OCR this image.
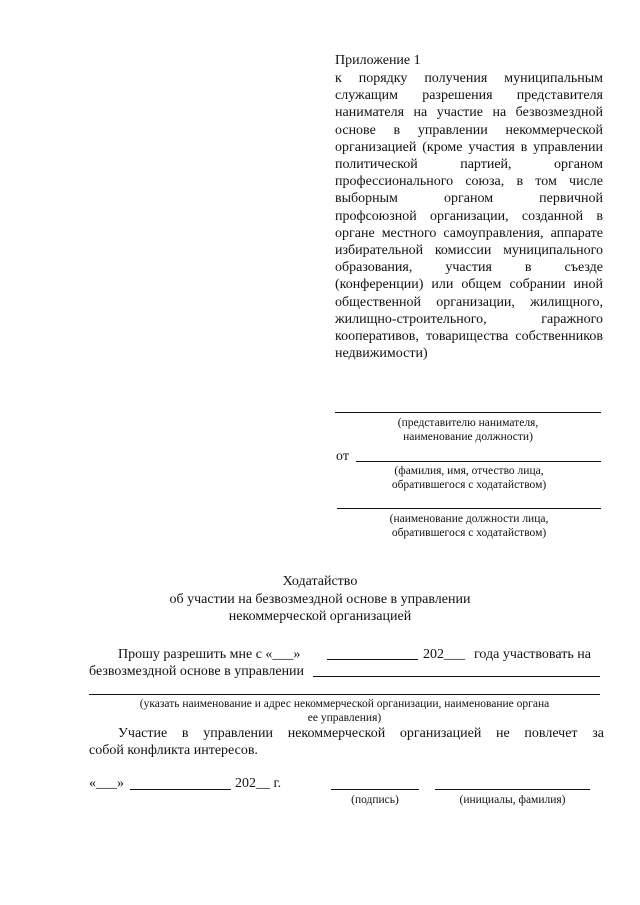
Приложение 1
к порядку получения муниципальным служащим разрешения представителя нанимателя на участие на безвозмездной основе в управлении некоммерческой организацией (кроме участия в управлении политической партией, органом профессионального союза, в том числе выборным органом первичной профсоюзной организации, созданной в органе местного самоуправления, аппарате избирательной комиссии муниципального образования, участия в съезде (конференции) или общем собрании иной общественной организации, жилищного, жилищно-строительного, гаражного кооперативов, товарищества собственников недвижимости)
(представителю нанимателя,
наименование должности)
от
(фамилия, имя, отчество лица,
обратившегося с ходатайством)
(наименование должности лица,
обратившегося с ходатайством)
Ходатайство
об участии на безвозмездной основе в управлении
некоммерческой организацией
Прошу разрешить мне с «___»	202___ года участвовать на
безвозмездной основе в управлении
(указать наименование и адрес некоммерческой организации, наименование органа
ее управления)
Участие в управлении некоммерческой организацией не повлечет за
собой конфликта интересов.
«___»	202__ г.
(подпись)	(инициалы, фамилия)
